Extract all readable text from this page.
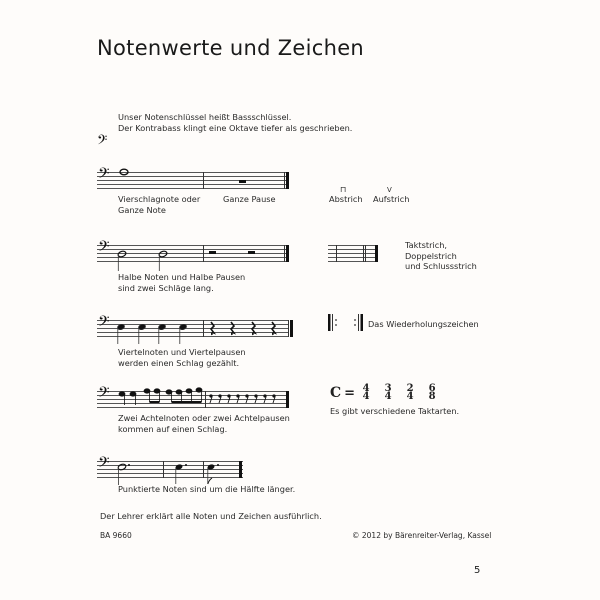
Notenwerte und Zeichen
𝄢
Unser Notenschlüssel heißt Bassschlüssel.
Der Kontrabass klingt eine Oktave tiefer als geschrieben.
𝄢
Vierschlagnote oder
Ganze Note
Ganze Pause
𝄢
Halbe Noten und Halbe Pausen
sind zwei Schläge lang.
𝄢
Viertelnoten und Viertelpausen
werden einen Schlag gezählt.
𝄢
Zwei Achtelnoten oder zwei Achtelpausen
kommen auf einen Schlag.
𝄢
Punktierte Noten sind um die Hälfte länger.
⊓
Abstrich
V
Aufstrich
Taktstrich,
Doppelstrich
und Schlussstrich
Das Wiederholungszeichen
C = 4
4
3
4
2
4
6
8
Es gibt verschiedene Taktarten.
Der Lehrer erklärt alle Noten und Zeichen ausführlich.
BA 9660	© 2012 by Bärenreiter-Verlag, Kassel
5
